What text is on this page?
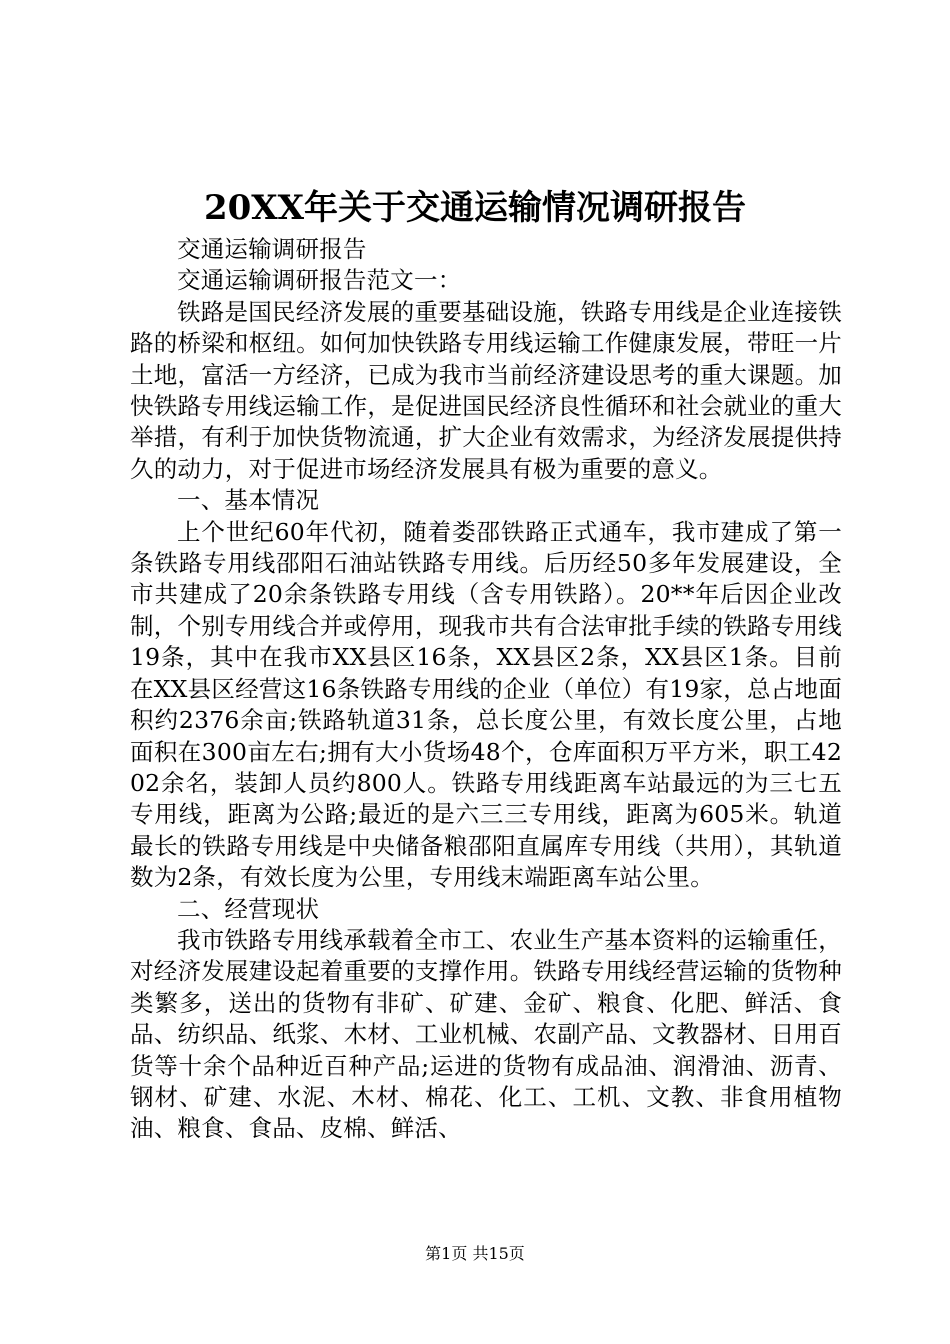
20XX年关于交通运输情况调研报告

交通运输调研报告

交通运输调研报告范文一：

铁路是国民经济发展的重要基础设施，铁路专用线是企业连接铁路的桥梁和枢纽。如何加快铁路专用线运输工作健康发展，带旺一片土地，富活一方经济，已成为我市当前经济建设思考的重大课题。加快铁路专用线运输工作，是促进国民经济良性循环和社会就业的重大举措，有利于加快货物流通，扩大企业有效需求，为经济发展提供持久的动力，对于促进市场经济发展具有极为重要的意义。

一、基本情况

上个世纪60年代初，随着娄邵铁路正式通车，我市建成了第一条铁路专用线邵阳石油站铁路专用线。后历经50多年发展建设，全市共建成了20余条铁路专用线（含专用铁路）。20**年后因企业改制，个别专用线合并或停用，现我市共有合法审批手续的铁路专用线19条，其中在我市XX县区16条，XX县区2条，XX县区1条。目前在XX县区经营这16条铁路专用线的企业（单位）有19家，总占地面积约2376余亩;铁路轨道31条，总长度公里，有效长度公里，占地面积在300亩左右;拥有大小货场48个，仓库面积万平方米，职工4202余名，装卸人员约800人。铁路专用线距离车站最远的为三七五专用线，距离为公路;最近的是六三三专用线，距离为605米。轨道最长的铁路专用线是中央储备粮邵阳直属库专用线（共用），其轨道数为2条，有效长度为公里，专用线末端距离车站公里。

二、经营现状

我市铁路专用线承载着全市工、农业生产基本资料的运输重任，对经济发展建设起着重要的支撑作用。铁路专用线经营运输的货物种类繁多，送出的货物有非矿、矿建、金矿、粮食、化肥、鲜活、食品、纺织品、纸浆、木材、工业机械、农副产品、文教器材、日用百货等十余个品种近百种产品;运进的货物有成品油、润滑油、沥青、钢材、矿建、水泥、木材、棉花、化工、工机、文教、非食用植物油、粮食、食品、皮棉、鲜活、

第1页 共15页
